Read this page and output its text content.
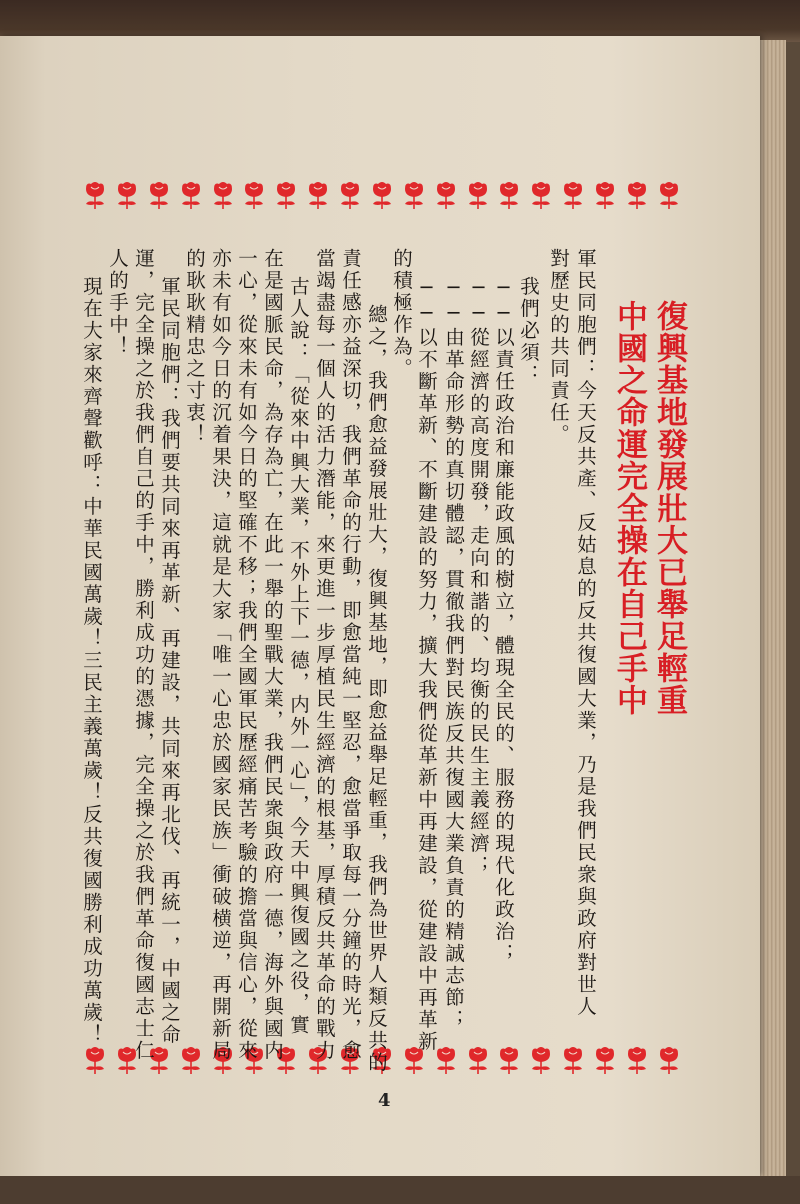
復興基地發展壯大已舉足輕重
中國之命運完全操在自己手中
軍民同胞們：今天反共產、反姑息的反共復國大業，乃是我們民衆與政府對世人
對歷史的共同責任。
我們必須：
──以責任政治和廉能政風的樹立，體現全民的、服務的現代化政治；
──從經濟的高度開發，走向和諧的、均衡的民生主義經濟；
──由革命形勢的真切體認，貫徹我們對民族反共復國大業負責的精誠志節；
──以不斷革新、不斷建設的努力，擴大我們從革新中再建設，從建設中再革新
的積極作為。
總之，我們愈益發展壯大，復興基地，即愈益舉足輕重，我們為世界人類反共的
責任感亦益深切，我們革命的行動，即愈當純一堅忍，愈當爭取每一分鐘的時光，愈
當竭盡每一個人的活力潛能，來更進一步厚植民生經濟的根基，厚積反共革命的戰力
古人說：「從來中興大業，不外上下一德，内外一心」，今天中興復國之役，實
在是國脈民命，為存為亡，在此一舉的聖戰大業，我們民衆與政府一德，海外與國内
一心，從來未有如今日的堅確不移；我們全國軍民歷經痛苦考驗的擔當與信心，從來
亦未有如今日的沉着果決，這就是大家「唯一心忠於國家民族」衝破横逆，再開新局
的耿耿精忠之寸衷！
軍民同胞們：我們要共同來再革新、再建設，共同來再北伐、再統一，中國之命
運，完全操之於我們自己的手中，勝利成功的憑據，完全操之於我們革命復國志士仁
人的手中！
現在大家來齊聲歡呼：中華民國萬歲！三民主義萬歲！反共復國勝利成功萬歲！
4
